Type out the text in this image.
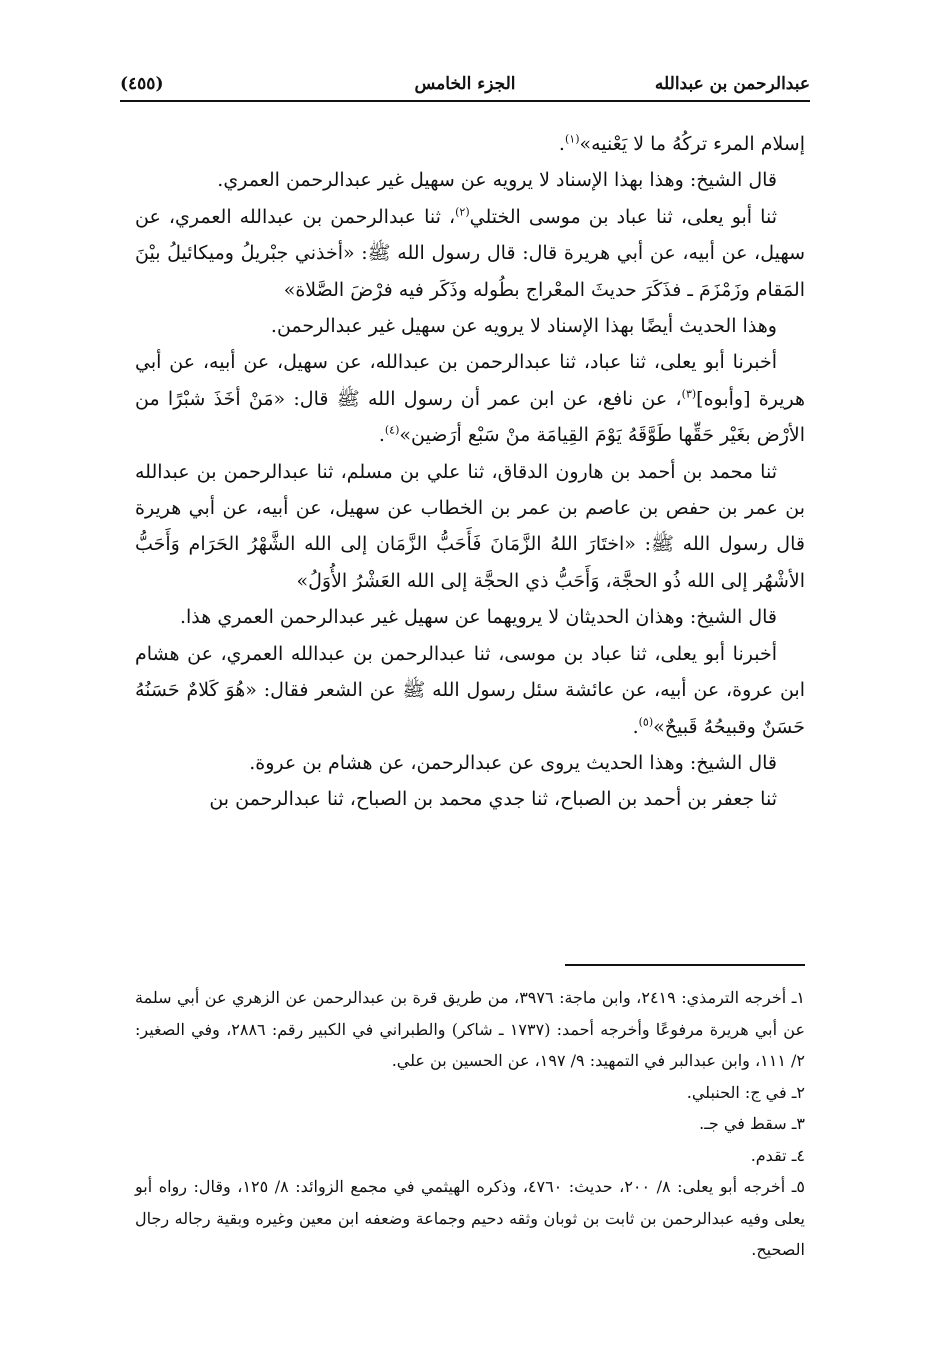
عبدالرحمن بن عبدالله
الجزء الخامس
(٤٥٥)

إسلام المرء تركُهُ ما لا يَعْنيه»$^{(١)}$.

قال الشيخ: وهذا بهذا الإسناد لا يرويه عن سهيل غير عبدالرحمن العمري.

ثنا أبو يعلى، ثنا عباد بن موسى الختلي$^{(٢)}$، ثنا عبدالرحمن بن عبدالله العمري، عن سهيل، عن أبيه، عن أبي هريرة قال: قال رسول الله ﷺ: «أخذني جبْريلُ وميكائيلُ بيْنَ المَقام وزَمْزَمَ ـ فذَكَرَ حديثَ المعْراج بطُوله وذَكَر فيه فرْضَ الصَّلاة»

وهذا الحديث أيضًا بهذا الإسناد لا يرويه عن سهيل غير عبدالرحمن.

أخبرنا أبو يعلى، ثنا عباد، ثنا عبدالرحمن بن عبدالله، عن سهيل، عن أبيه، عن أبي هريرة [وأبوه]$^{(٣)}$، عن نافع، عن ابن عمر أن رسول الله ﷺ قال: «مَنْ أخَذَ شبْرًا من الأرْض بغَيْر حَقِّها طَوَّقَهُ يَوْمَ القِيامَة منْ سَبْع أرَضين»$^{(٤)}$.

ثنا محمد بن أحمد بن هارون الدقاق، ثنا علي بن مسلم، ثنا عبدالرحمن بن عبدالله بن عمر بن حفص بن عاصم بن عمر بن الخطاب عن سهيل، عن أبيه، عن أبي هريرة قال رسول الله ﷺ: «اختَارَ اللهُ الزَّمَانَ فَأَحَبُّ الزَّمَان إلى الله الشَّهْرُ الحَرَام وَأَحَبُّ الأشْهُر إلى الله ذُو الحجَّة، وَأَحَبُّ ذي الحجَّة إلى الله العَشْرُ الأُوَلُ»

قال الشيخ: وهذان الحديثان لا يرويهما عن سهيل غير عبدالرحمن العمري هذا.

أخبرنا أبو يعلى، ثنا عباد بن موسى، ثنا عبدالرحمن بن عبدالله العمري، عن هشام ابن عروة، عن أبيه، عن عائشة سئل رسول الله ﷺ عن الشعر فقال: «هُوَ كَلامٌ حَسَنُهُ حَسَنٌ وقبيحُهُ قَبيحٌ»$^{(٥)}$.

قال الشيخ: وهذا الحديث يروى عن عبدالرحمن، عن هشام بن عروة.

ثنا جعفر بن أحمد بن الصباح، ثنا جدي محمد بن الصباح، ثنا عبدالرحمن بن

١ـ أخرجه الترمذي: ٢٤١٩، وابن ماجة: ٣٩٧٦، من طريق قرة بن عبدالرحمن عن الزهري عن أبي سلمة عن أبي هريرة مرفوعًا وأخرجه أحمد: (١٧٣٧ ـ شاكر) والطبراني في الكبير رقم: ٢٨٨٦، وفي الصغير: ٢/ ١١١، وابن عبدالبر في التمهيد: ٩/ ١٩٧، عن الحسين بن علي.

٢ـ في ج: الحنبلي.

٣ـ سقط في جـ.

٤ـ تقدم.

٥ـ أخرجه أبو يعلى: ٨/ ٢٠٠، حديث: ٤٧٦٠، وذكره الهيثمي في مجمع الزوائد: ٨/ ١٢٥، وقال: رواه أبو يعلى وفيه عبدالرحمن بن ثابت بن ثوبان وثقه دحيم وجماعة وضعفه ابن معين وغيره وبقية رجاله رجال الصحيح.
